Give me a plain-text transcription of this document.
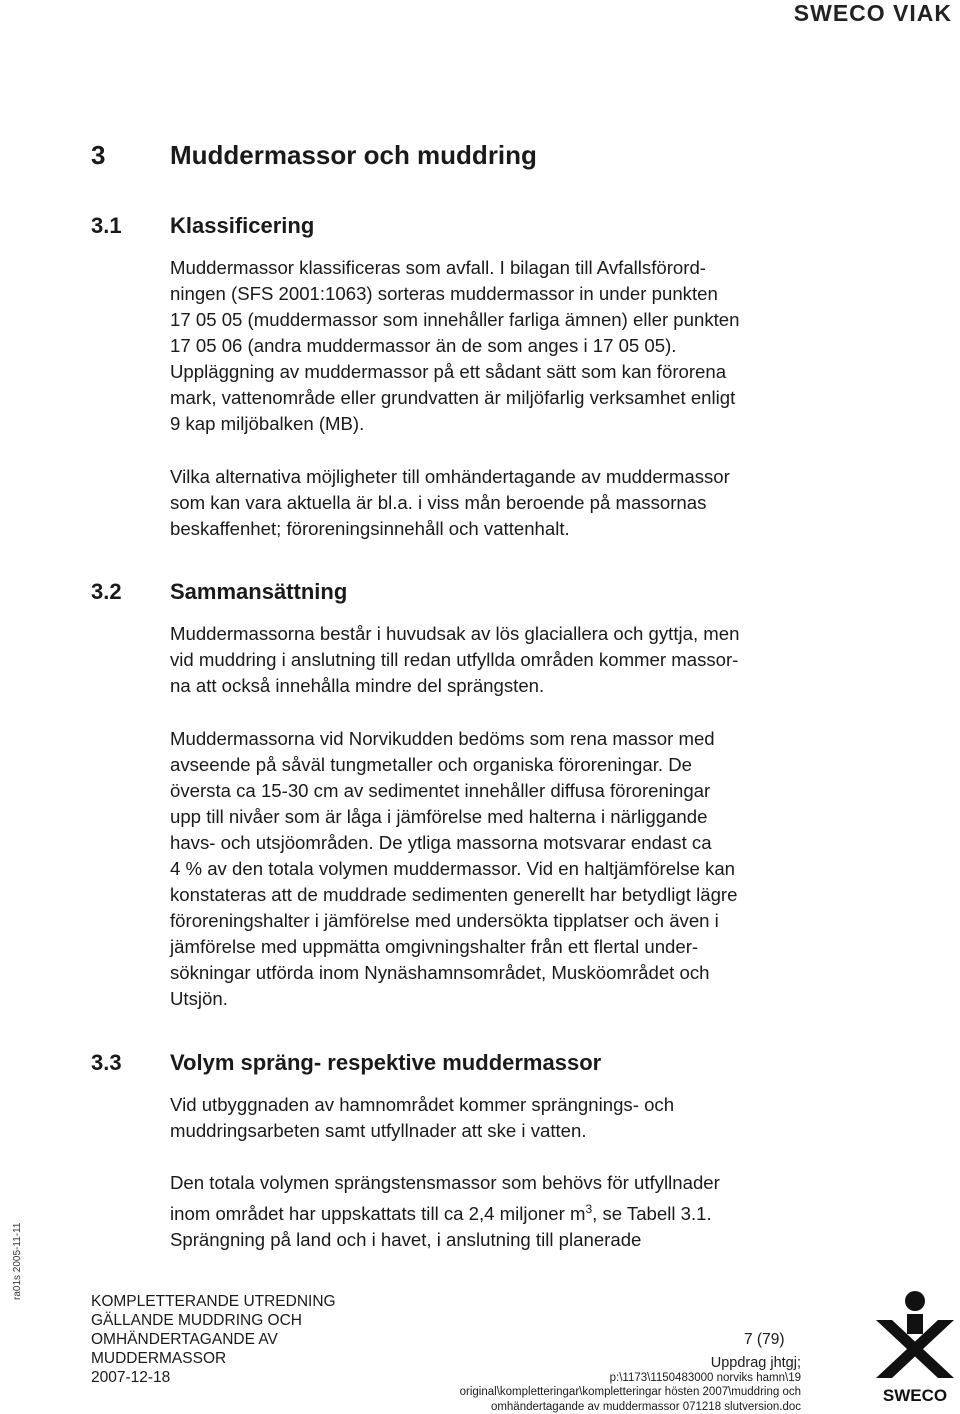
SWECO VIAK
3 Muddermassor och muddring
3.1 Klassificering
Muddermassor klassificeras som avfall. I bilagan till Avfallsförord-
ningen (SFS 2001:1063) sorteras muddermassor in under punkten
17 05 05 (muddermassor som innehåller farliga ämnen) eller punkten
17 05 06 (andra muddermassor än de som anges i 17 05 05).
Uppläggning av muddermassor på ett sådant sätt som kan förorena
mark, vattenområde eller grundvatten är miljöfarlig verksamhet enligt
9 kap miljöbalken (MB).
Vilka alternativa möjligheter till omhändertagande av muddermassor
som kan vara aktuella är bl.a. i viss mån beroende på massornas
beskaffenhet; föroreningsinnehåll och vattenhalt.
3.2 Sammansättning
Muddermassorna består i huvudsak av lös glaciallera och gyttja, men
vid muddring i anslutning till redan utfyllda områden kommer massor-
na att också innehålla mindre del sprängsten.
Muddermassorna vid Norvikudden bedöms som rena massor med
avseende på såväl tungmetaller och organiska föroreningar. De
översta ca 15-30 cm av sedimentet innehåller diffusa föroreningar
upp till nivåer som är låga i jämförelse med halterna i närliggande
havs- och utsjöområden. De ytliga massorna motsvarar endast ca
4 % av den totala volymen muddermassor. Vid en haltjämförelse kan
konstateras att de muddrade sedimenten generellt har betydligt lägre
föroreningshalter i jämförelse med undersökta tipplatser och även i
jämförelse med uppmätta omgivningshalter från ett flertal under-
sökningar utförda inom Nynäshamnsområdet, Musköområdet och
Utsjön.
3.3 Volym spräng- respektive muddermassor
Vid utbyggnaden av hamnområdet kommer sprängnings- och
muddringsarbeten samt utfyllnader att ske i vatten.
Den totala volymen sprängstensmassor som behövs för utfyllnader
inom området har uppskattats till ca 2,4 miljoner $m^3$, se Tabell 3.1.
Sprängning på land och i havet, i anslutning till planerade
ra01s 2005-11-11
KOMPLETTERANDE UTREDNING
GÄLLANDE MUDDRING OCH
OMHÄNDERTAGANDE AV
MUDDERMASSOR
2007-12-18
7 (79)
Uppdrag jhtgj;
p:\1173\1150483000 norviks hamn\19
original\kompletteringar\kompletteringar hösten 2007\muddring och
omhändertagande av muddermassor 071218 slutversion.doc
SWECO
